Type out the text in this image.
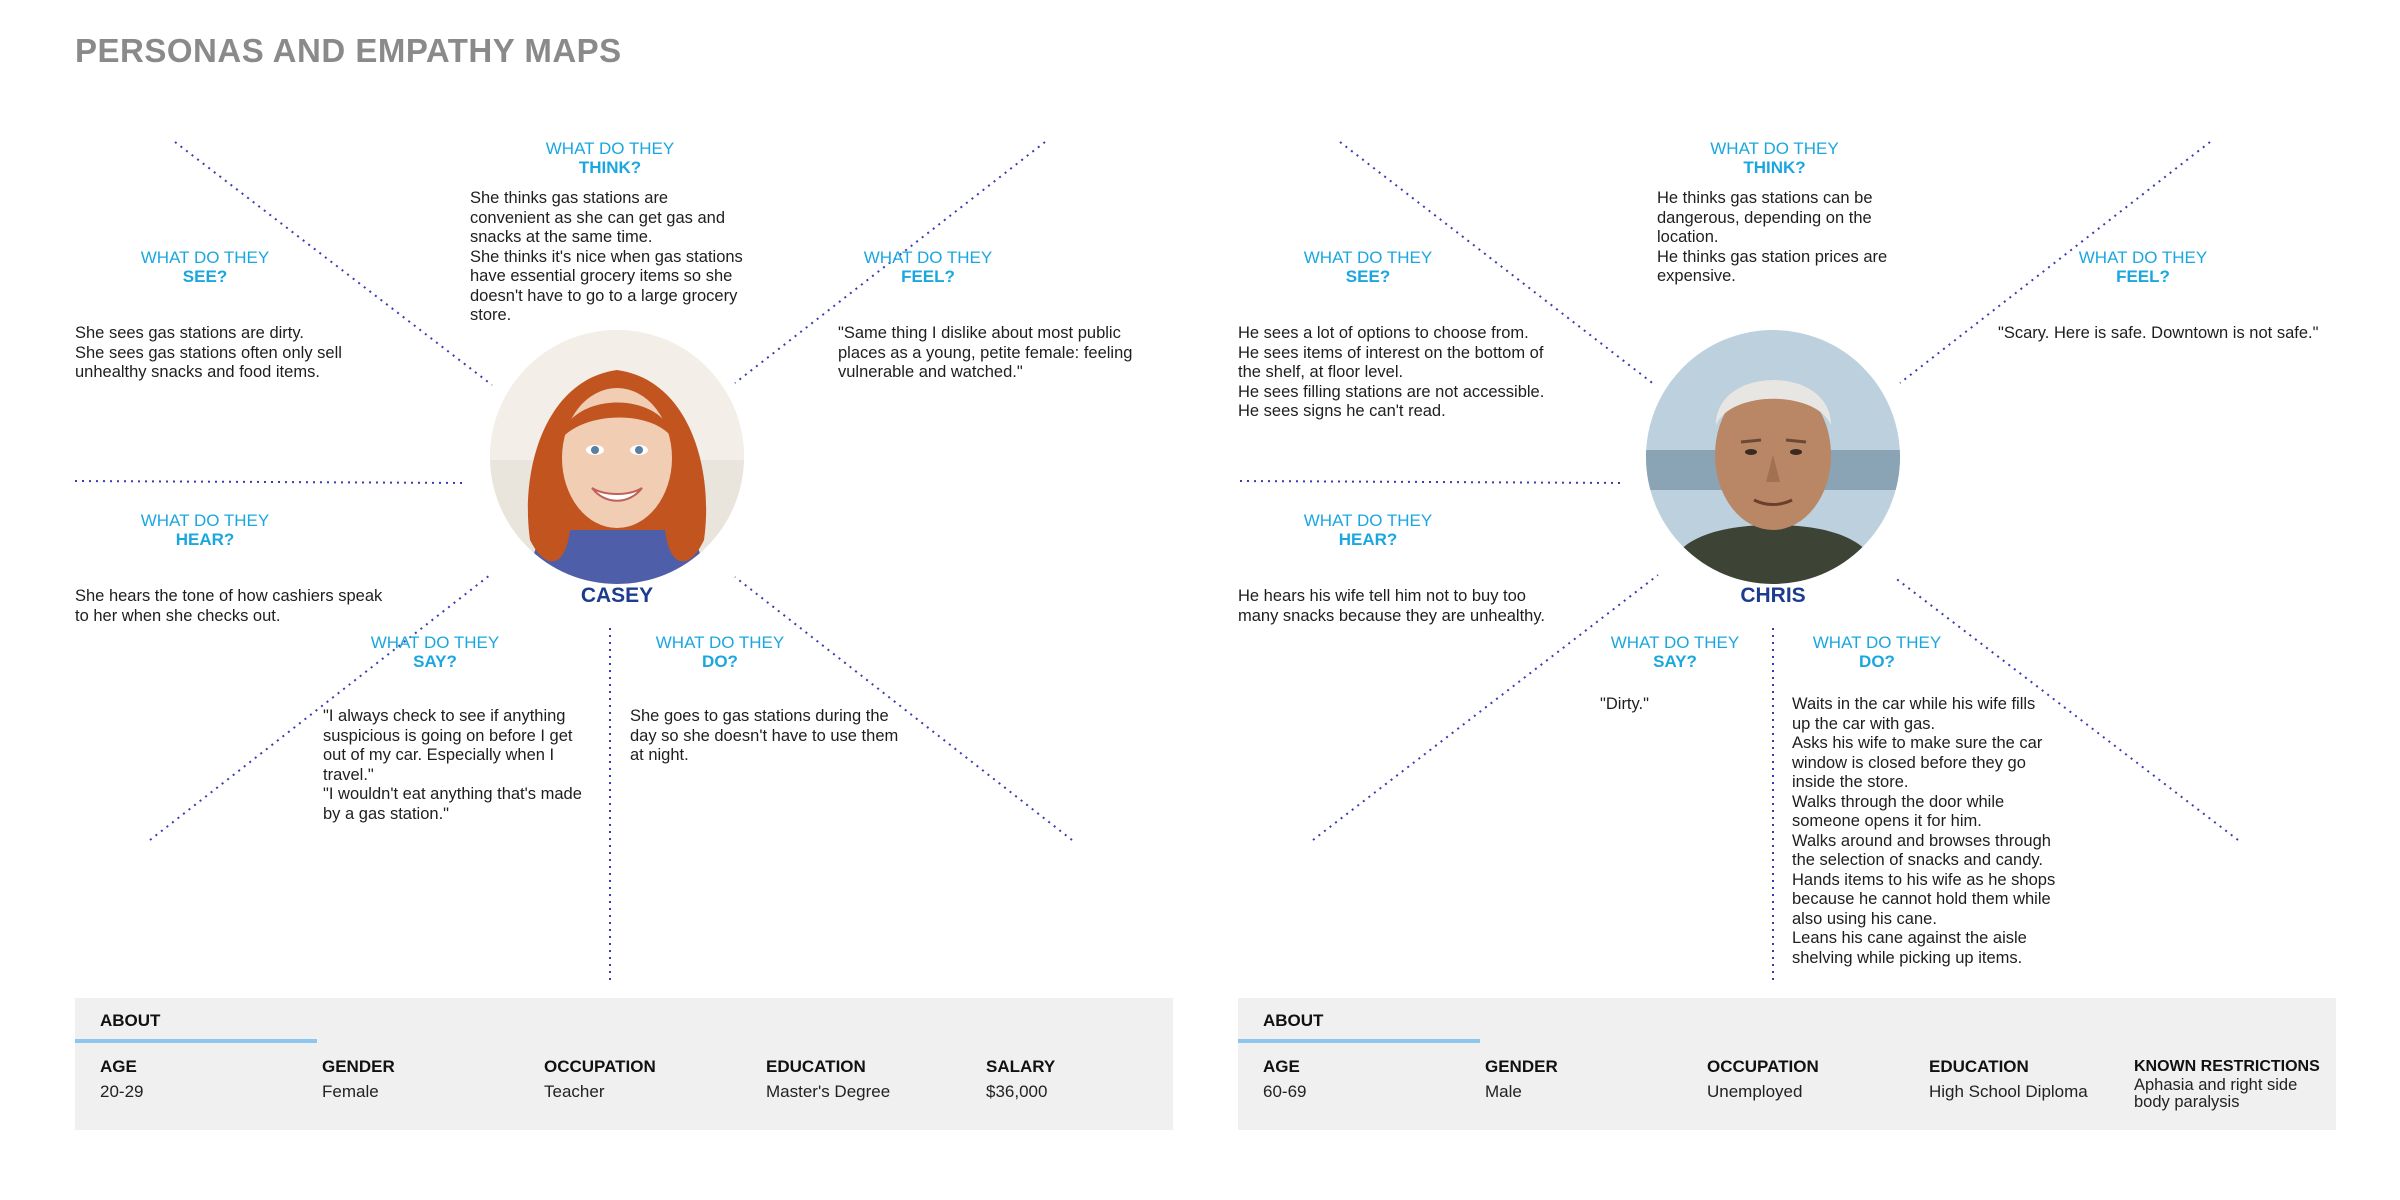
PERSONAS AND EMPATHY MAPS
WHAT DO THEY
THINK?
She thinks gas stations are convenient as she can get gas and snacks at the same time.
She thinks it's nice when gas stations have essential grocery items so she doesn't have to go to a large grocery store.
WHAT DO THEY
SEE?
She sees gas stations are dirty.
She sees gas stations often only sell unhealthy snacks and food items.
WHAT DO THEY
FEEL?
"Same thing I dislike about most public places as a young, petite female: feeling vulnerable and watched."
WHAT DO THEY
HEAR?
She hears the tone of how cashiers speak to her when she checks out.
WHAT DO THEY
SAY?
"I always check to see if anything suspicious is going on before I get out of my car. Especially when I travel."
"I wouldn't eat anything that's made by a gas station."
WHAT DO THEY
DO?
She goes to gas stations during the day so she doesn't have to use them at night.
CASEY
WHAT DO THEY
THINK?
He thinks gas stations can be dangerous, depending on the location.
He thinks gas station prices are expensive.
WHAT DO THEY
SEE?
He sees a lot of options to choose from.
He sees items of interest on the bottom of the shelf, at floor level.
He sees filling stations are not accessible.
He sees signs he can't read.
WHAT DO THEY
FEEL?
"Scary. Here is safe. Downtown is not safe."
WHAT DO THEY
HEAR?
He hears his wife tell him not to buy too many snacks because they are unhealthy.
WHAT DO THEY
SAY?
"Dirty."
WHAT DO THEY
DO?
Waits in the car while his wife fills up the car with gas.
Asks his wife to make sure the car window is closed before they go inside the store.
Walks through the door while someone opens it for him.
Walks around and browses through the selection of snacks and candy.
Hands items to his wife as he shops because he cannot hold them while also using his cane.
Leans his cane against the aisle shelving while picking up items.
CHRIS
ABOUT
AGE
20-29
GENDER
Female
OCCUPATION
Teacher
EDUCATION
Master's Degree
SALARY
$36,000
ABOUT
AGE
60-69
GENDER
Male
OCCUPATION
Unemployed
EDUCATION
High School Diploma
KNOWN RESTRICTIONS
Aphasia and right side body paralysis
